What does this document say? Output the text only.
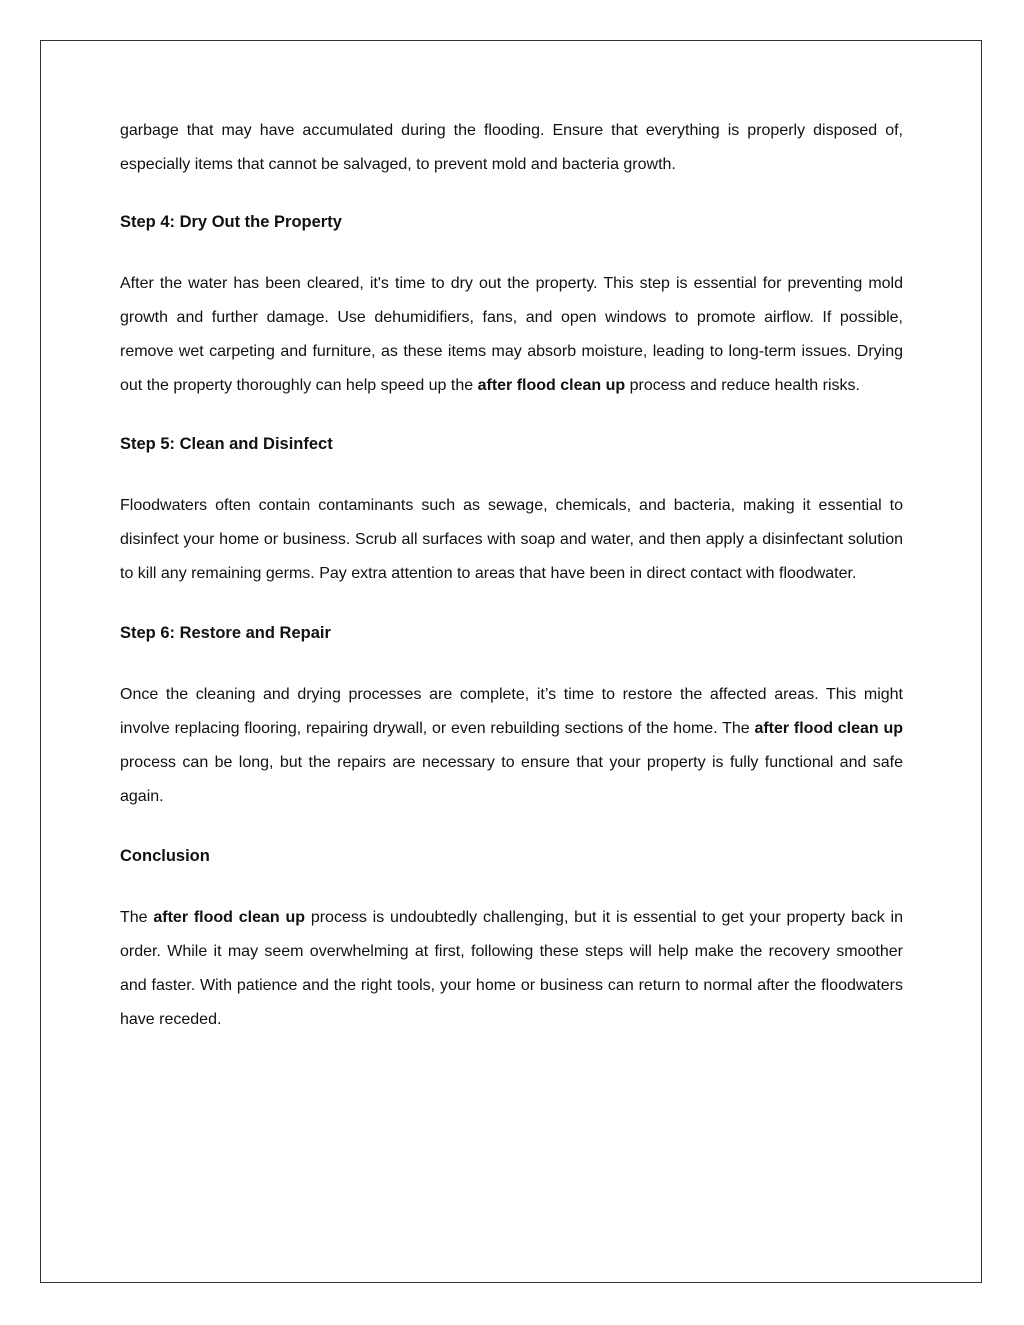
garbage that may have accumulated during the flooding. Ensure that everything is properly disposed of, especially items that cannot be salvaged, to prevent mold and bacteria growth.

Step 4: Dry Out the Property

After the water has been cleared, it's time to dry out the property. This step is essential for preventing mold growth and further damage. Use dehumidifiers, fans, and open windows to promote airflow. If possible, remove wet carpeting and furniture, as these items may absorb moisture, leading to long-term issues. Drying out the property thoroughly can help speed up the after flood clean up process and reduce health risks.

Step 5: Clean and Disinfect

Floodwaters often contain contaminants such as sewage, chemicals, and bacteria, making it essential to disinfect your home or business. Scrub all surfaces with soap and water, and then apply a disinfectant solution to kill any remaining germs. Pay extra attention to areas that have been in direct contact with floodwater.

Step 6: Restore and Repair

Once the cleaning and drying processes are complete, it’s time to restore the affected areas. This might involve replacing flooring, repairing drywall, or even rebuilding sections of the home. The after flood clean up process can be long, but the repairs are necessary to ensure that your property is fully functional and safe again.

Conclusion

The after flood clean up process is undoubtedly challenging, but it is essential to get your property back in order. While it may seem overwhelming at first, following these steps will help make the recovery smoother and faster. With patience and the right tools, your home or business can return to normal after the floodwaters have receded.
